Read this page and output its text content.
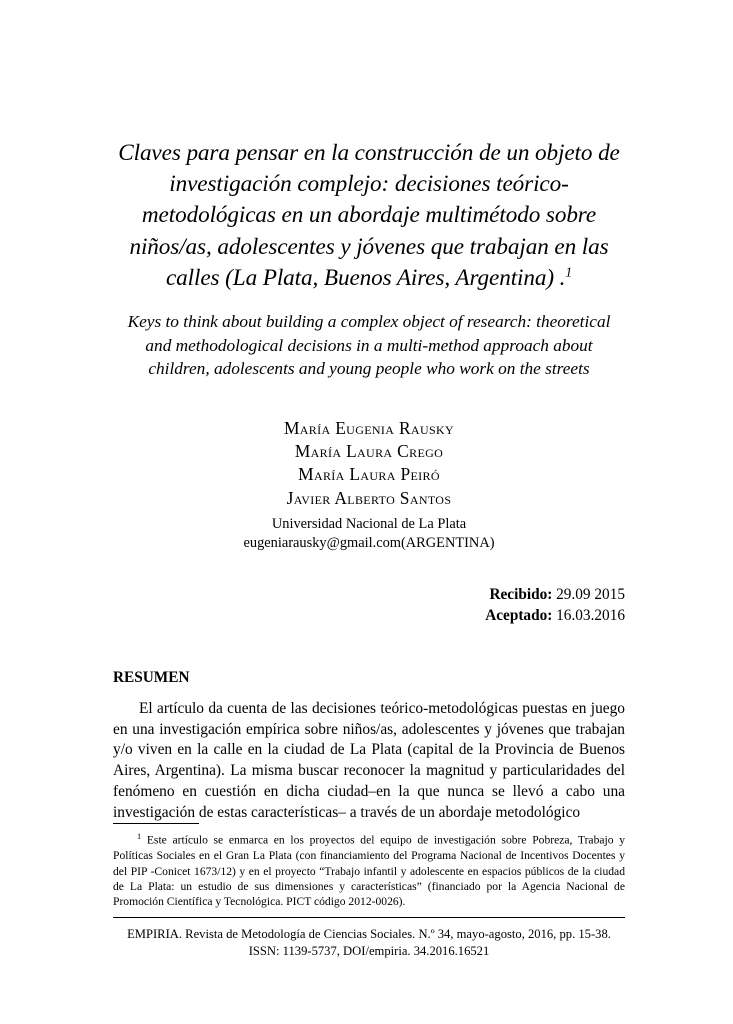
Claves para pensar en la construcción de un objeto de investigación complejo: decisiones teórico-metodológicas en un abordaje multimétodo sobre niños/as, adolescentes y jóvenes que trabajan en las calles (La Plata, Buenos Aires, Argentina) .$^1$
Keys to think about building a complex object of research: theoretical and methodological decisions in a multi-method approach about children, adolescents and young people who work on the streets
María Eugenia Rausky
María Laura Crego
María Laura Peiró
Javier Alberto Santos
Universidad Nacional de La Plata
eugeniarausky@gmail.com(ARGENTINA)
Recibido: 29.09 2015
Aceptado: 16.03.2016
RESUMEN

El artículo da cuenta de las decisiones teórico-metodológicas puestas en juego en una investigación empírica sobre niños/as, adolescentes y jóvenes que trabajan y/o viven en la calle en la ciudad de La Plata (capital de la Provincia de Buenos Aires, Argentina). La misma buscar reconocer la magnitud y particularidades del fenómeno en cuestión en dicha ciudad–en la que nunca se llevó a cabo una investigación de estas características– a través de un abordaje metodológico

$^1$ Este artículo se enmarca en los proyectos del equipo de investigación sobre Pobreza, Trabajo y Políticas Sociales en el Gran La Plata (con financiamiento del Programa Nacional de Incentivos Docentes y del PIP -Conicet 1673/12) y en el proyecto “Trabajo infantil y adolescente en espacios públicos de la ciudad de La Plata: un estudio de sus dimensiones y características” (financiado por la Agencia Nacional de Promoción Científica y Tecnológica. PICT código 2012-0026).
EMPIRIA. Revista de Metodología de Ciencias Sociales. N.º 34, mayo-agosto, 2016, pp. 15-38.
ISSN: 1139-5737, DOI/empiria. 34.2016.16521
